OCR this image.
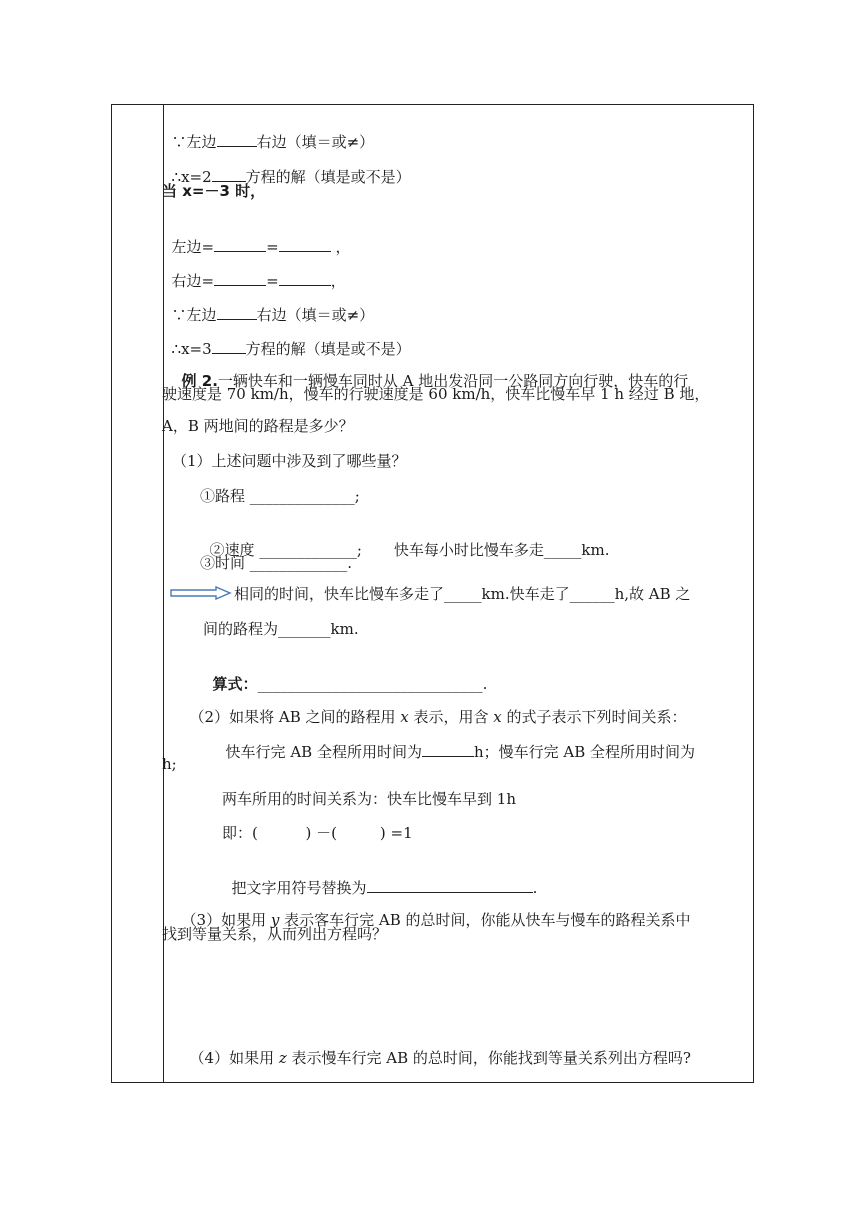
∵左边	右边（填＝或≠）

∴x=2 方程的解（填是或不是）

当 x=－3 时，

左边=	=	，

右边=	=	，

∵左边	右边（填＝或≠）

∴x=3 方程的解（填是或不是）

例 2.一辆快车和一辆慢车同时从 A 地出发沿同一公路同方向行驶，快车的行

驶速度是 70 km/h，慢车的行驶速度是 60 km/h，快车比慢车早 1 h 经过 B 地，
A，B 两地间的路程是多少？
（1）上述问题中涉及到了哪些量？
①路程 ______________;

②速度 _____________; 快车每小时比慢车多走_____km.

③时间 _____________.
相同的时间，快车比慢车多走了_____km.快车走了______h,故 AB 之
间的路程为_______km.

算式：______________________________.

（2）如果将 AB 之间的路程用 x 表示，用含 x 的式子表示下列时间关系：

快车行完 AB 全程所用时间为	h；慢车行完 AB 全程所用时间为

h;
两车所用的时间关系为：快车比慢车早到 1h
即：(          ) －(         ) =1

把文字用符号替换为	.

（3）如果用 y 表示客车行完 AB 的总时间，你能从快车与慢车的路程关系中

找到等量关系，从而列出方程吗？

（4）如果用 z 表示慢车行完 AB 的总时间，你能找到等量关系列出方程吗?
